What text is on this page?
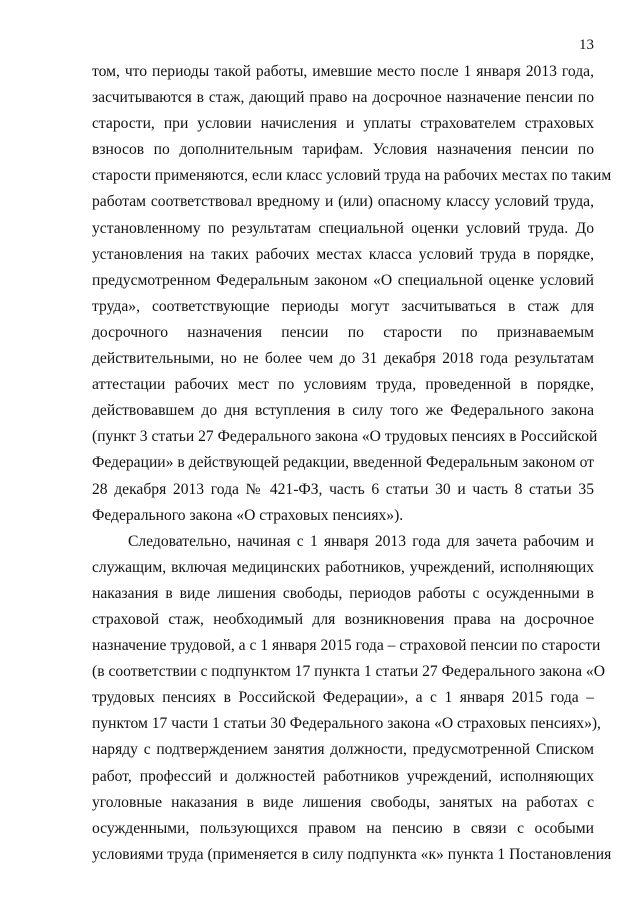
13
том, что периоды такой работы, имевшие место после 1 января 2013 года,
засчитываются в стаж, дающий право на досрочное назначение пенсии по
старости, при условии начисления и уплаты страхователем страховых
взносов по дополнительным тарифам. Условия назначения пенсии по
старости применяются, если класс условий труда на рабочих местах по таким
работам соответствовал вредному и (или) опасному классу условий труда,
установленному по результатам специальной оценки условий труда. До
установления на таких рабочих местах класса условий труда в порядке,
предусмотренном Федеральным законом «О специальной оценке условий
труда», соответствующие периоды могут засчитываться в стаж для
досрочного назначения пенсии по старости по признаваемым
действительными, но не более чем до 31 декабря 2018 года результатам
аттестации рабочих мест по условиям труда, проведенной в порядке,
действовавшем до дня вступления в силу того же Федерального закона
(пункт 3 статьи 27 Федерального закона «О трудовых пенсиях в Российской
Федерации» в действующей редакции, введенной Федеральным законом от
28 декабря 2013 года № 421-ФЗ, часть 6 статьи 30 и часть 8 статьи 35
Федерального закона «О страховых пенсиях»).
Следовательно, начиная с 1 января 2013 года для зачета рабочим и
служащим, включая медицинских работников, учреждений, исполняющих
наказания в виде лишения свободы, периодов работы с осужденными в
страховой стаж, необходимый для возникновения права на досрочное
назначение трудовой, а с 1 января 2015 года – страховой пенсии по старости
(в соответствии с подпунктом 17 пункта 1 статьи 27 Федерального закона «О
трудовых пенсиях в Российской Федерации», а с 1 января 2015 года –
пунктом 17 части 1 статьи 30 Федерального закона «О страховых пенсиях»),
наряду с подтверждением занятия должности, предусмотренной Списком
работ, профессий и должностей работников учреждений, исполняющих
уголовные наказания в виде лишения свободы, занятых на работах с
осужденными, пользующихся правом на пенсию в связи с особыми
условиями труда (применяется в силу подпункта «к» пункта 1 Постановления
